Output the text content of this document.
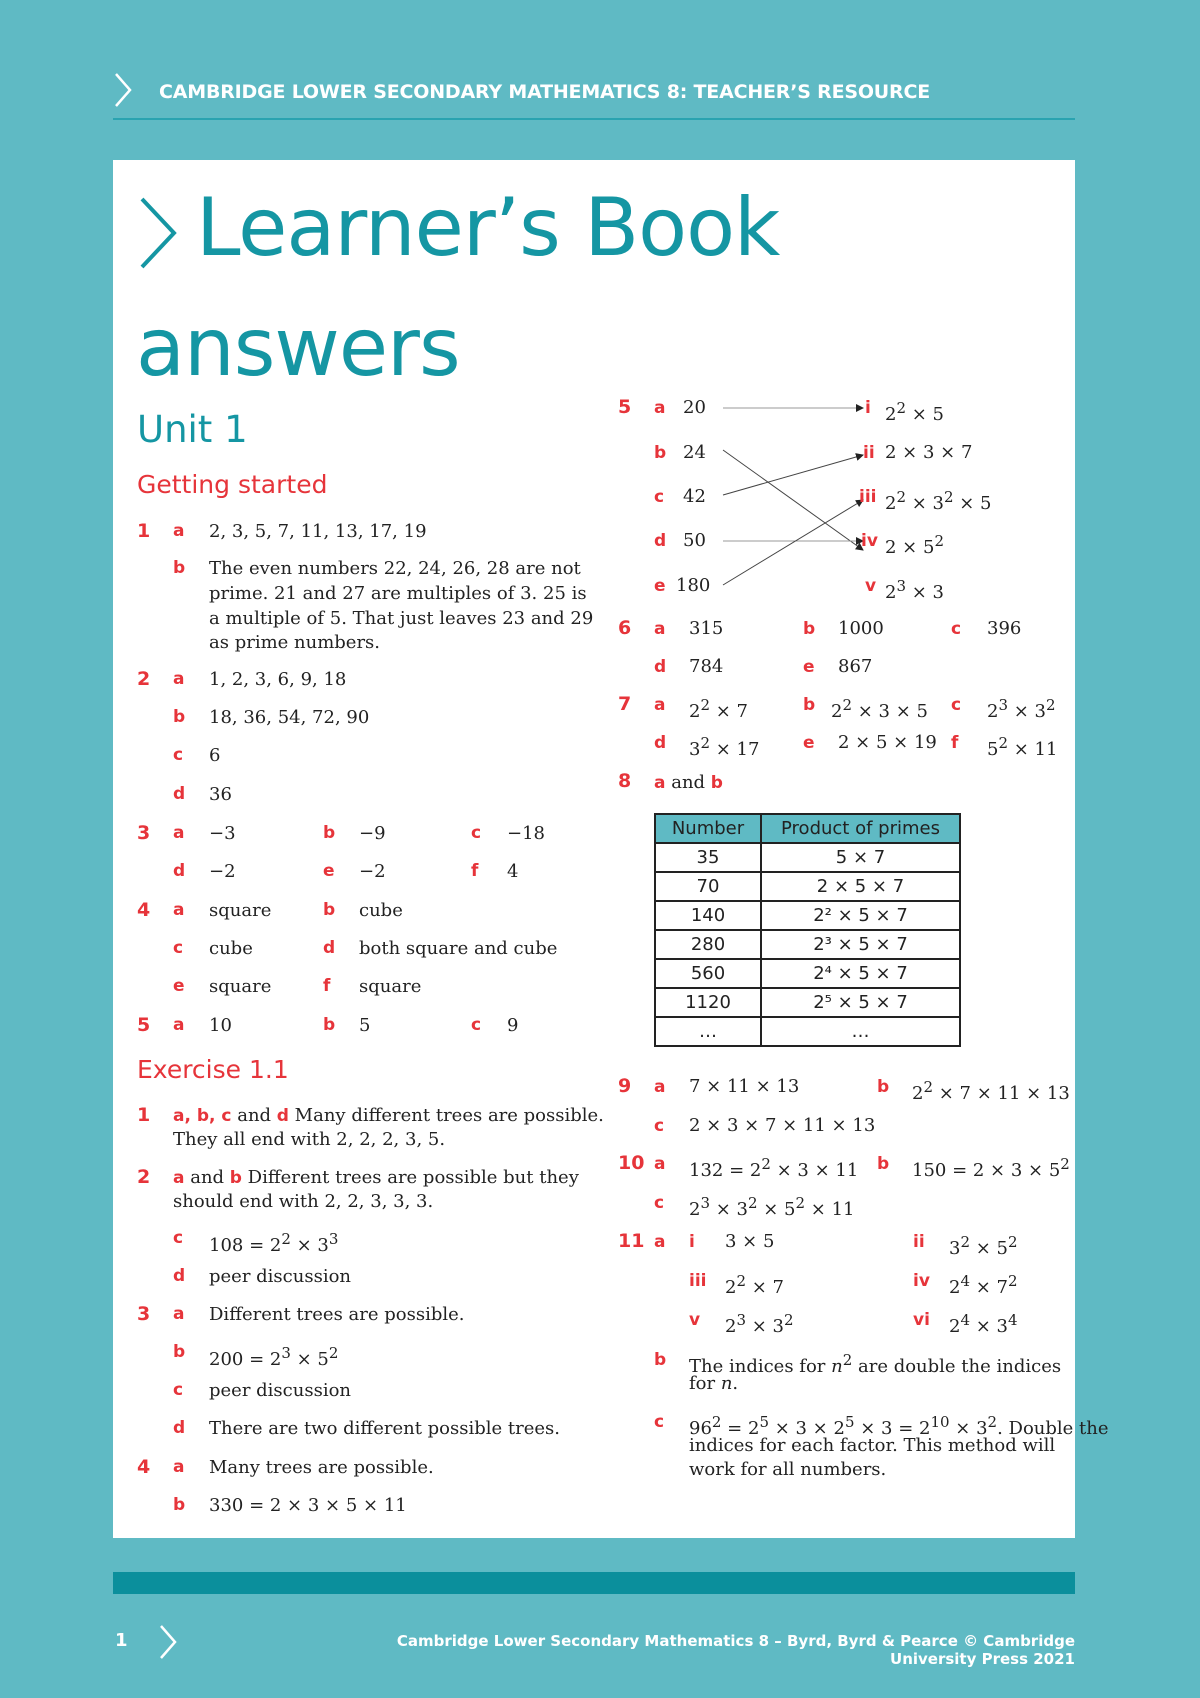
CAMBRIDGE LOWER SECONDARY MATHEMATICS 8: TEACHER’S RESOURCE
Learner’s Book
answers
Unit 1
Getting started
1 a 2, 3, 5, 7, 11, 13, 17, 19
b The even numbers 22, 24, 26, 28 are not
prime. 21 and 27 are multiples of 3. 25 is
a multiple of 5. That just leaves 23 and 29
as prime numbers.
2 a 1, 2, 3, 6, 9, 18
b 18, 36, 54, 72, 90
c 6
d 36
3 a −3	b −9	c −18
d −2	e −2	f 4
4 a square	b cube
c cube	d both square and cube
e square	f square
5 a 10	b 5	c 9
Exercise 1.1
1 a, b, c and d Many different trees are possible.
They all end with 2, 2, 2, 3, 5.
2 a and b Different trees are possible but they
should end with 2, 2, 3, 3, 3.
c $108 = 2^2 \times 3^3$
d peer discussion
3 a Different trees are possible.
b $200 = 2^3 \times 5^2$
c peer discussion
d There are two different possible trees.
4 a Many trees are possible.
b 330 = 2 × 3 × 5 × 11
5 a 20
b 24
c 42
d 50
e 180
i $2^2 \times 5$
ii 2 × 3 × 7
iii $2^2 \times 3^2 \times 5$
iv $2 \times 5^2$
v $2^3 \times 3$
6 a 315	b 1000	c 396
d 784	e 867
7 a $2^2 \times 7$	b $2^2 \times 3 \times 5$ c $2^3 \times 3^2$
d $3^2 \times 17$	e 2 × 5 × 19 f $5^2 \times 11$
8 a and b
Number	Product of primes
35	5 × 7
70	2 × 5 × 7
140	2² × 5 × 7
280	2³ × 5 × 7
560	2⁴ × 5 × 7
1120	2⁵ × 5 × 7
…	…
9 a 7 × 11 × 13	b $2^2 \times 7 \times 11 \times 13$
c 2 × 3 × 7 × 11 × 13
10 a $132 = 2^2 \times 3 \times 11$ b $150 = 2 \times 3 \times 5^2$
c $2^3 \times 3^2 \times 5^2 \times 11$
11 a i 3 × 5	ii $3^2 \times 5^2$
iii $2^2 \times 7$	iv $2^4 \times 7^2$
v $2^3 \times 3^2$	vi $2^4 \times 3^4$
b The indices for $n^2$ are double the indices
for n.
c $96^2 = 2^5 \times 3 \times 2^5 \times 3 = 2^{10} \times 3^2$. Double the
indices for each factor. This method will
work for all numbers.
1	Cambridge Lower Secondary Mathematics 8 – Byrd, Byrd & Pearce © Cambridge University Press 2021
